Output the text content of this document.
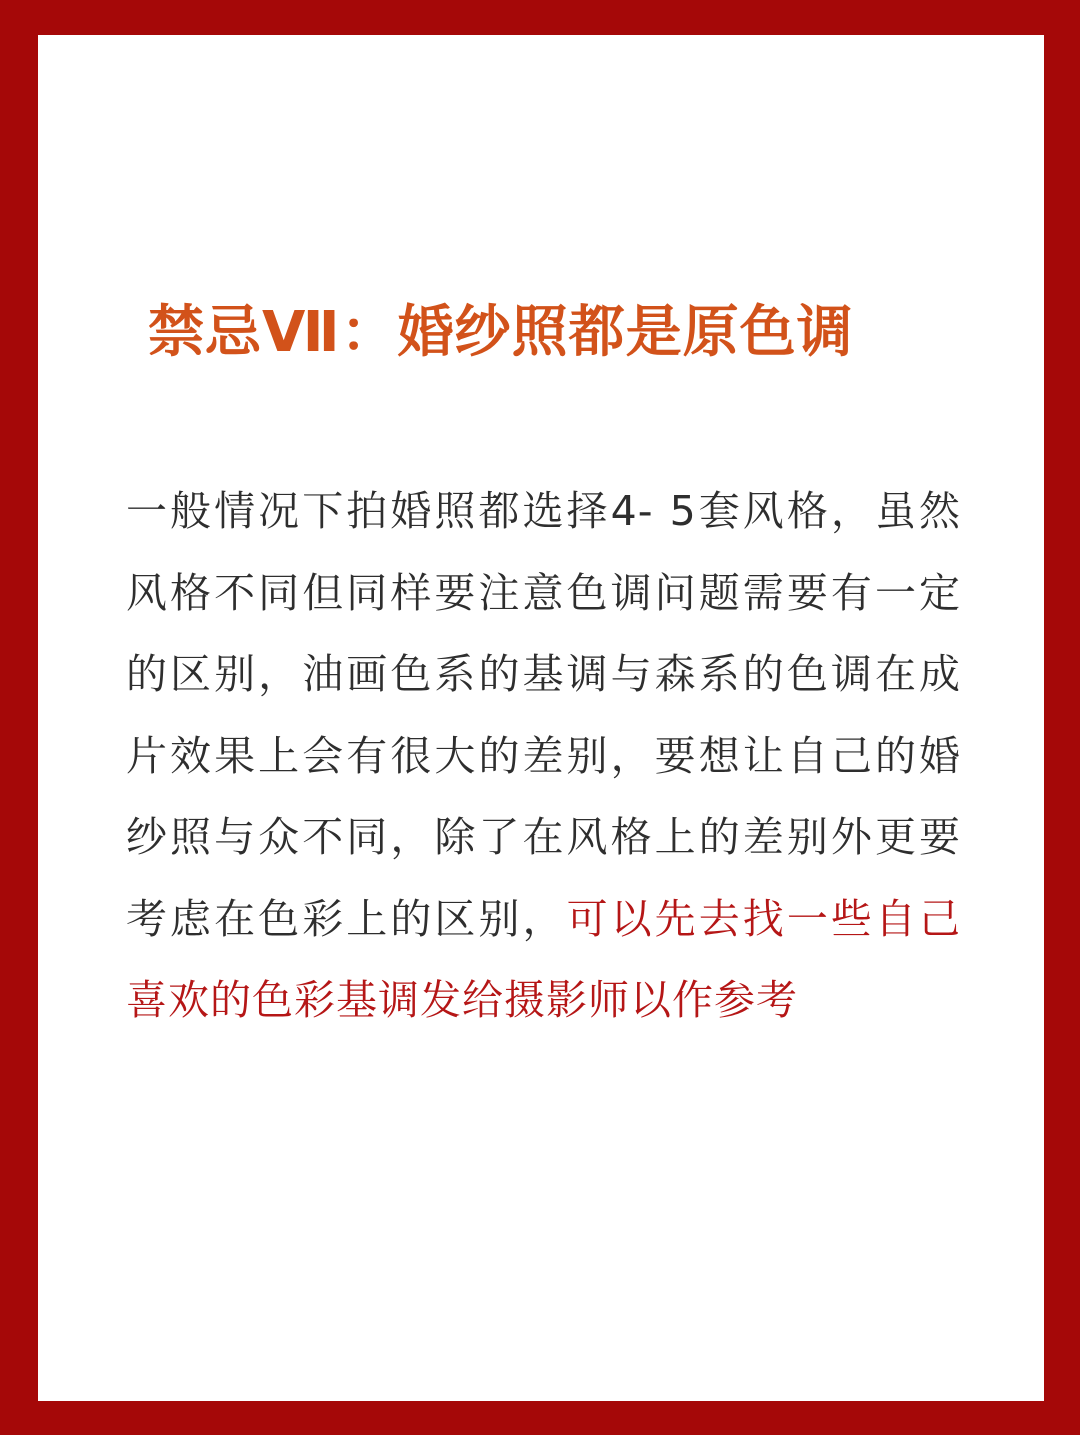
禁忌Ⅶ：婚纱照都是原色调

一般情况下拍婚照都选择4- 5套风格，虽然风格不同但同样要注意色调问题需要有一定的区别，油画色系的基调与森系的色调在成片效果上会有很大的差别，要想让自己的婚纱照与众不同，除了在风格上的差别外更要考虑在色彩上的区别，可以先去找一些自己喜欢的色彩基调发给摄影师以作参考
